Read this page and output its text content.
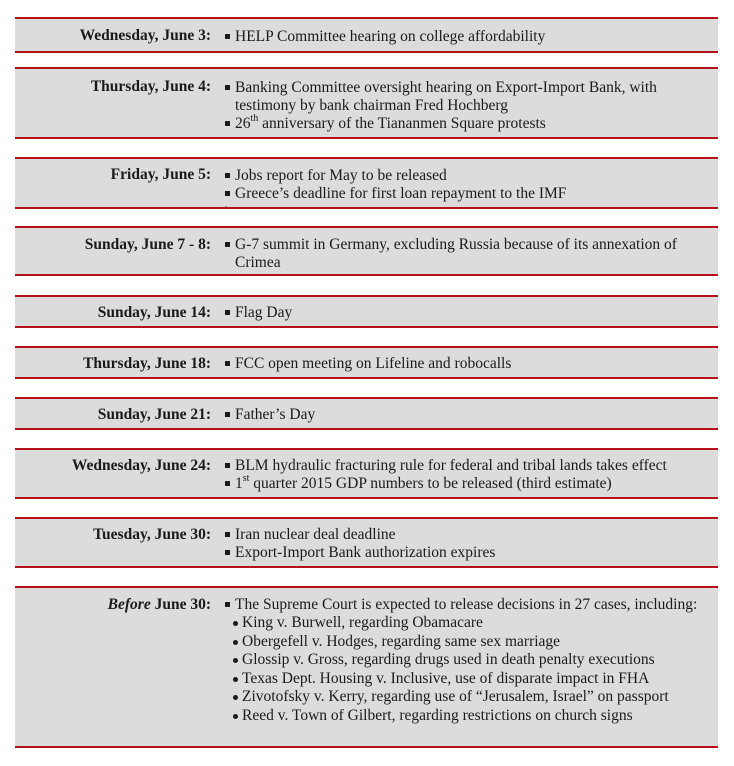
Wednesday, June 3:	HELP Committee hearing on college affordability
Thursday, June 4:	Banking Committee oversight hearing on Export-Import Bank, with testimony by bank chairman Fred Hochberg
26th anniversary of the Tiananmen Square protests
Friday, June 5:	Jobs report for May to be released
Greece’s deadline for first loan repayment to the IMF
.
Sunday, June 7 - 8:	G-7 summit in Germany, excluding Russia because of its annexation of Crimea
Sunday, June 14:	Flag Day
Thursday, June 18:	FCC open meeting on Lifeline and robocalls
Sunday, June 21:	Father’s Day
Wednesday, June 24:	BLM hydraulic fracturing rule for federal and tribal lands takes effect
1st quarter 2015 GDP numbers to be released (third estimate)
Tuesday, June 30:	Iran nuclear deal deadline
Export-Import Bank authorization expires
Before June 30:	The Supreme Court is expected to release decisions in 27 cases, including:
King v. Burwell, regarding Obamacare
Obergefell v. Hodges, regarding same sex marriage
Glossip v. Gross, regarding drugs used in death penalty executions
Texas Dept. Housing v. Inclusive, use of disparate impact in FHA
Zivotofsky v. Kerry, regarding use of “Jerusalem, Israel” on passport
Reed v. Town of Gilbert, regarding restrictions on church signs
